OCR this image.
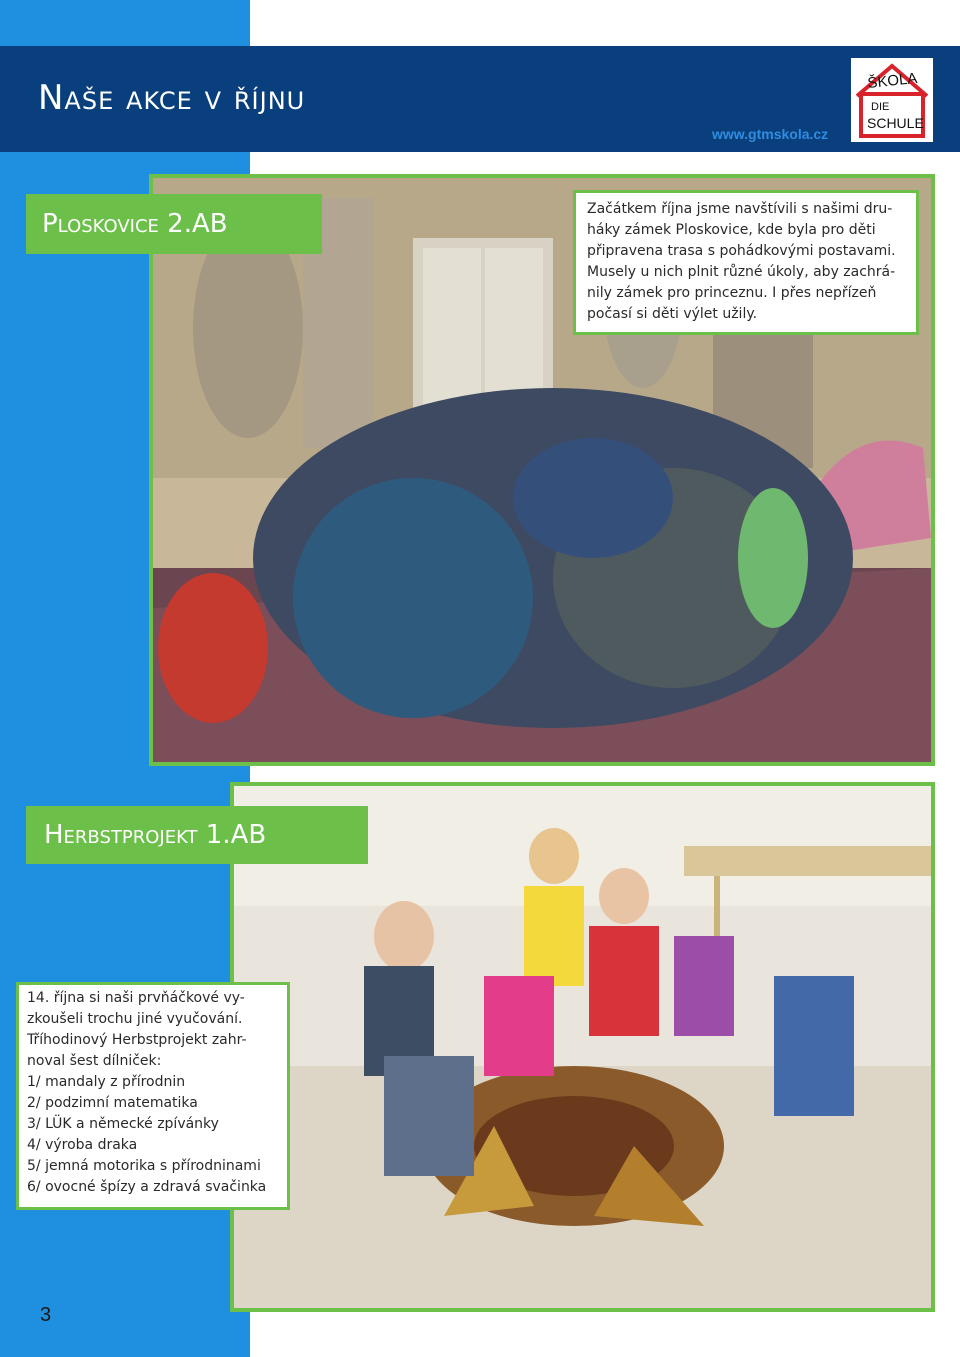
Naše akce v říjnu
www.gtmskola.cz
ŠKOLA
DIE
SCHULE
Ploskovice 2.AB	Začátkem října jsme navštívili s našimi dru-
háky zámek Ploskovice, kde byla pro děti
připravena trasa s pohádkovými postavami.
Musely u nich plnit různé úkoly, aby zachrá-
nily zámek pro princeznu. I přes nepřízeň
počasí si děti výlet užily.
Herbstprojekt 1.AB
14. října si naši prvňáčkové vy-
zkoušeli trochu jiné vyučování.
Tříhodinový Herbstprojekt zahr-
noval šest dílniček:
1/ mandaly z přírodnin
2/ podzimní matematika
3/ LÜK a německé zpívánky
4/ výroba draka
5/ jemná motorika s přírodninami
6/ ovocné špízy a zdravá svačinka
3
